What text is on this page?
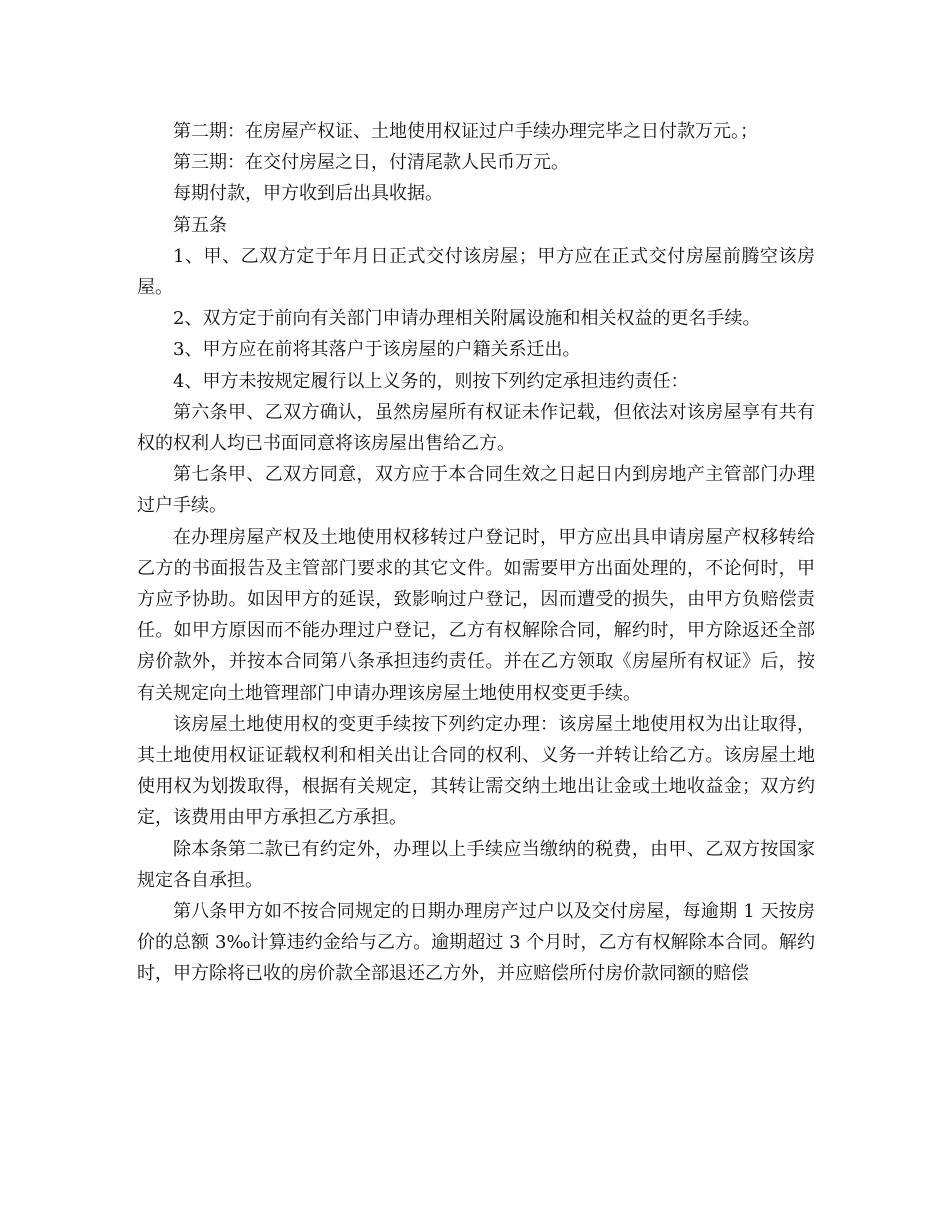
第二期：在房屋产权证、土地使用权证过户手续办理完毕之日付款万元。；

第三期：在交付房屋之日，付清尾款人民币万元。

每期付款，甲方收到后出具收据。

第五条

1、甲、乙双方定于年月日正式交付该房屋；甲方应在正式交付房屋前腾空该房屋。

2、双方定于前向有关部门申请办理相关附属设施和相关权益的更名手续。

3、甲方应在前将其落户于该房屋的户籍关系迁出。

4、甲方未按规定履行以上义务的，则按下列约定承担违约责任：

第六条甲、乙双方确认，虽然房屋所有权证未作记载，但依法对该房屋享有共有权的权利人均已书面同意将该房屋出售给乙方。

第七条甲、乙双方同意，双方应于本合同生效之日起日内到房地产主管部门办理过户手续。

在办理房屋产权及土地使用权移转过户登记时，甲方应出具申请房屋产权移转给乙方的书面报告及主管部门要求的其它文件。如需要甲方出面处理的，不论何时，甲方应予协助。如因甲方的延误，致影响过户登记，因而遭受的损失，由甲方负赔偿责任。如甲方原因而不能办理过户登记，乙方有权解除合同，解约时，甲方除返还全部房价款外，并按本合同第八条承担违约责任。并在乙方领取《房屋所有权证》后，按有关规定向土地管理部门申请办理该房屋土地使用权变更手续。

该房屋土地使用权的变更手续按下列约定办理：该房屋土地使用权为出让取得，其土地使用权证证载权利和相关出让合同的权利、义务一并转让给乙方。该房屋土地使用权为划拨取得，根据有关规定，其转让需交纳土地出让金或土地收益金；双方约定，该费用由甲方承担乙方承担。

除本条第二款已有约定外，办理以上手续应当缴纳的税费，由甲、乙双方按国家规定各自承担。

第八条甲方如不按合同规定的日期办理房产过户以及交付房屋，每逾期 1 天按房价的总额 3‰计算违约金给与乙方。逾期超过 3 个月时，乙方有权解除本合同。解约时，甲方除将已收的房价款全部退还乙方外，并应赔偿所付房价款同额的赔偿
